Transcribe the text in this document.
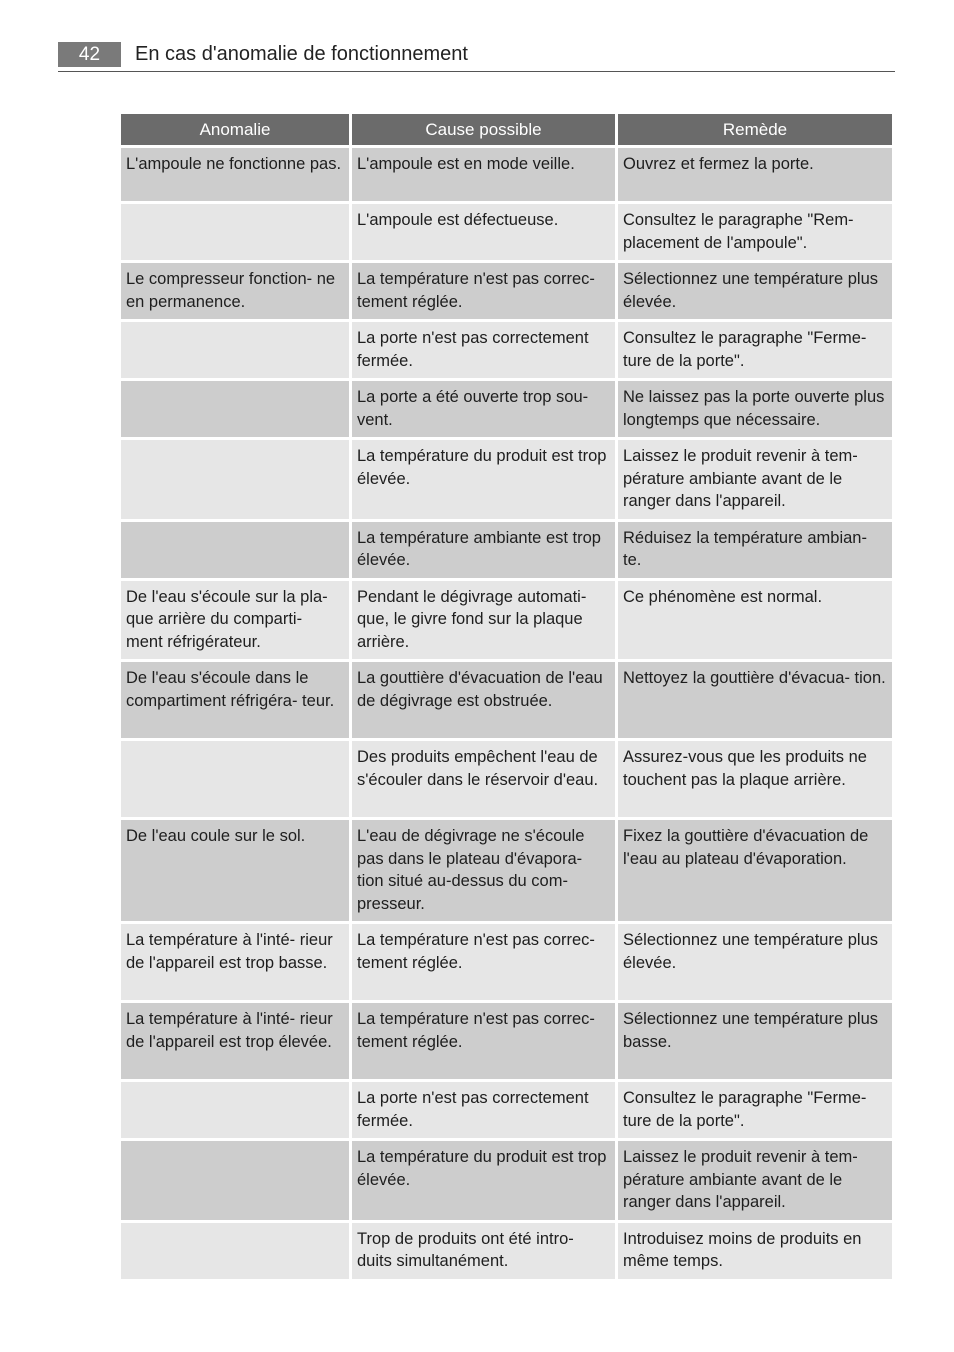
42	En cas d'anomalie de fonctionnement
Anomalie	Cause possible	Remède
L'ampoule ne fonctionne pas.	L'ampoule est en mode veille.	Ouvrez et fermez la porte.
	L'ampoule est défectueuse.	Consultez le paragraphe "Rem- placement de l'ampoule".
Le compresseur fonction- ne en permanence.	La température n'est pas correc- tement réglée.	Sélectionnez une température plus élevée.
	La porte n'est pas correctement fermée.	Consultez le paragraphe "Ferme- ture de la porte".
	La porte a été ouverte trop sou- vent.	Ne laissez pas la porte ouverte plus longtemps que nécessaire.
	La température du produit est trop élevée.	Laissez le produit revenir à tem- pérature ambiante avant de le ranger dans l'appareil.
	La température ambiante est trop élevée.	Réduisez la température ambian- te.
De l'eau s'écoule sur la pla- que arrière du comparti- ment réfrigérateur.	Pendant le dégivrage automati- que, le givre fond sur la plaque arrière.	Ce phénomène est normal.
De l'eau s'écoule dans le compartiment réfrigéra- teur.	La gouttière d'évacuation de l'eau de dégivrage est obstruée.	Nettoyez la gouttière d'évacua- tion.
	Des produits empêchent l'eau de s'écouler dans le réservoir d'eau.	Assurez-vous que les produits ne touchent pas la plaque arrière.
De l'eau coule sur le sol.	L'eau de dégivrage ne s'écoule pas dans le plateau d'évapora- tion situé au-dessus du com- presseur.	Fixez la gouttière d'évacuation de l'eau au plateau d'évaporation.
La température à l'inté- rieur de l'appareil est trop basse.	La température n'est pas correc- tement réglée.	Sélectionnez une température plus élevée.
La température à l'inté- rieur de l'appareil est trop élevée.	La température n'est pas correc- tement réglée.	Sélectionnez une température plus basse.
	La porte n'est pas correctement fermée.	Consultez le paragraphe "Ferme- ture de la porte".
	La température du produit est trop élevée.	Laissez le produit revenir à tem- pérature ambiante avant de le ranger dans l'appareil.
	Trop de produits ont été intro- duits simultanément.	Introduisez moins de produits en même temps.
